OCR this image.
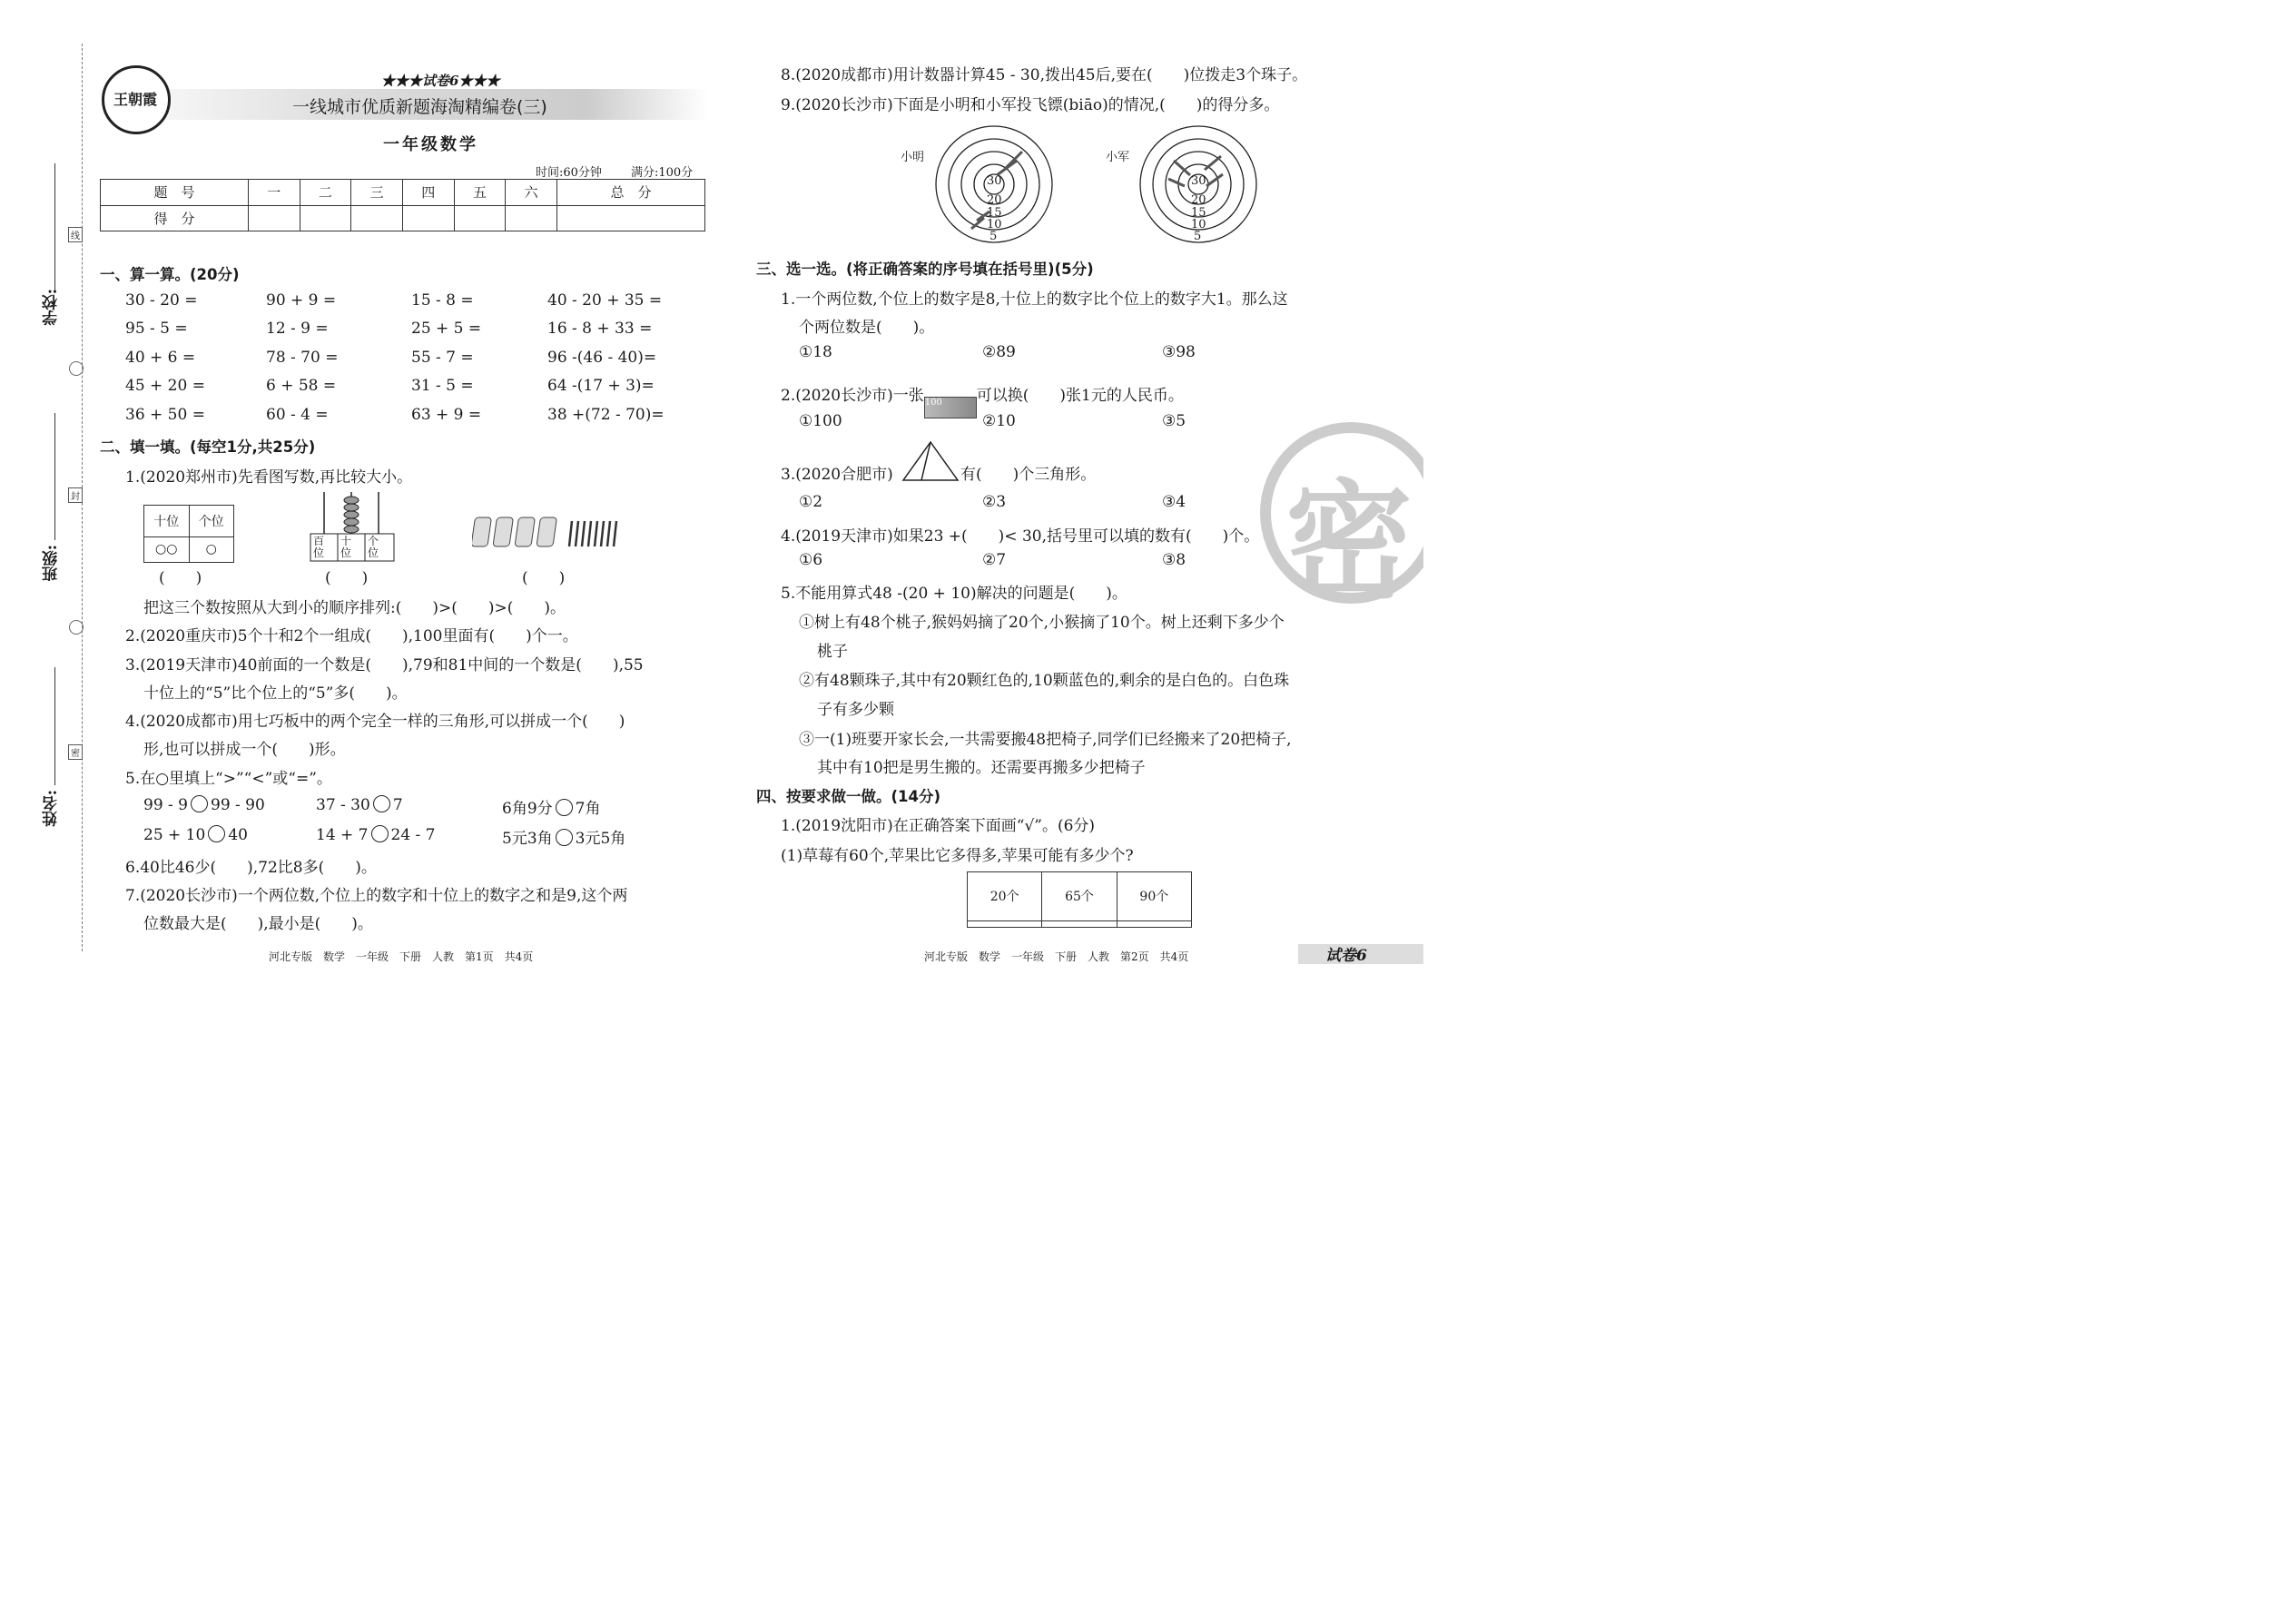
学校:
班级:
姓名:
线
封
密
王朝霞
★★★试卷6★★★
一线城市优质新题海淘精编卷(三)
一年级数学
时间:60分钟 满分:100分
题　号	一	二	三	四	五	六	总　分
得　分							
一、算一算。(20分)
30 - 20 =	90 + 9 =	15 - 8 =	40 - 20 + 35 =
95 - 5 =	12 - 9 =	25 + 5 =	16 - 8 + 33 =
40 + 6 =	78 - 70 =	55 - 7 =	96 -(46 - 40)=
45 + 20 =	6 + 58 =	31 - 5 =	64 -(17 + 3)=
36 + 50 =	60 - 4 =	63 + 9 =	38 +(72 - 70)=
二、填一填。(每空1分,共25分)
1.(2020郑州市)先看图写数,再比较大小。
十位	个位
○○	○
(　　)
百位
十位
个位
(　　)	(　　)
把这三个数按照从大到小的顺序排列:(　　)>(　　)>(　　)。
2.(2020重庆市)5个十和2个一组成(　　),100里面有(　　)个一。
3.(2019天津市)40前面的一个数是(　　),79和81中间的一个数是(　　),55
十位上的“5”比个位上的“5”多(　　)。
4.(2020成都市)用七巧板中的两个完全一样的三角形,可以拼成一个(　　)
形,也可以拼成一个(　　)形。
5.在○里填上“>”“<”或“=”。
99 - 9 99 - 90	37 - 30 7	6角9分 7角
25 + 10 40	14 + 7 24 - 7	5元3角 3元5角
6.40比46少(　　),72比8多(　　)。
7.(2020长沙市)一个两位数,个位上的数字和十位上的数字之和是9,这个两
位数最大是(　　),最小是(　　)。
河北专版　数学　一年级　下册　人教　第1页　共4页
8.(2020成都市)用计数器计算45 - 30,拨出45后,要在(　　)位拨走3个珠子。
9.(2020长沙市)下面是小明和小军投飞镖(biāo)的情况,(　　)的得分多。
小明
30
20
15
10
5
小军
30
20
15
10
5
三、选一选。(将正确答案的序号填在括号里)(5分)
1.一个两位数,个位上的数字是8,十位上的数字比个位上的数字大1。那么这
个两位数是(　　)。
①18	②89	③98
2.(2020长沙市)一张100 可以换(　　)张1元的人民币。
①100	②10	③5
3.(2020合肥市)	有(　　)个三角形。
①2	②3	③4
4.(2019天津市)如果23 +(　　)< 30,括号里可以填的数有(　　)个。
①6	②7	③8
5.不能用算式48 -(20 + 10)解决的问题是(　　)。
①树上有48个桃子,猴妈妈摘了20个,小猴摘了10个。树上还剩下多少个
桃子
②有48颗珠子,其中有20颗红色的,10颗蓝色的,剩余的是白色的。白色珠
子有多少颗
③一(1)班要开家长会,一共需要搬48把椅子,同学们已经搬来了20把椅子,
其中有10把是男生搬的。还需要再搬多少把椅子
四、按要求做一做。(14分)
1.(2019沈阳市)在正确答案下面画“√”。(6分)
(1)草莓有60个,苹果比它多得多,苹果可能有多少个?
20个	65个	90个

河北专版　数学　一年级　下册　人教　第2页　共4页	试卷6
密
